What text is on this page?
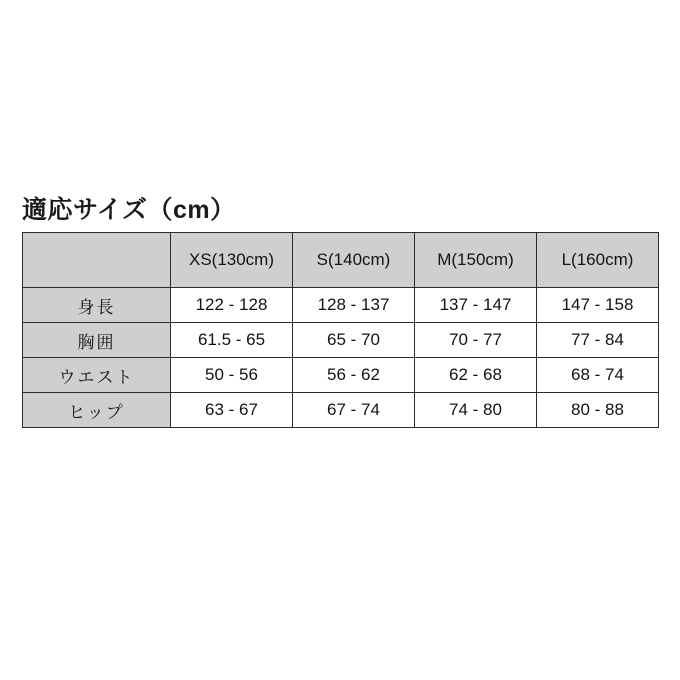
適応サイズ（cm）
	XS(130cm)	S(140cm)	M(150cm)	L(160cm)
身長	122 - 128	128 - 137	137 - 147	147 - 158
胸囲	61.5 - 65	65 - 70	70 - 77	77 - 84
ウエスト	50 - 56	56 - 62	62 - 68	68 - 74
ヒップ	63 - 67	67 - 74	74 - 80	80 - 88
